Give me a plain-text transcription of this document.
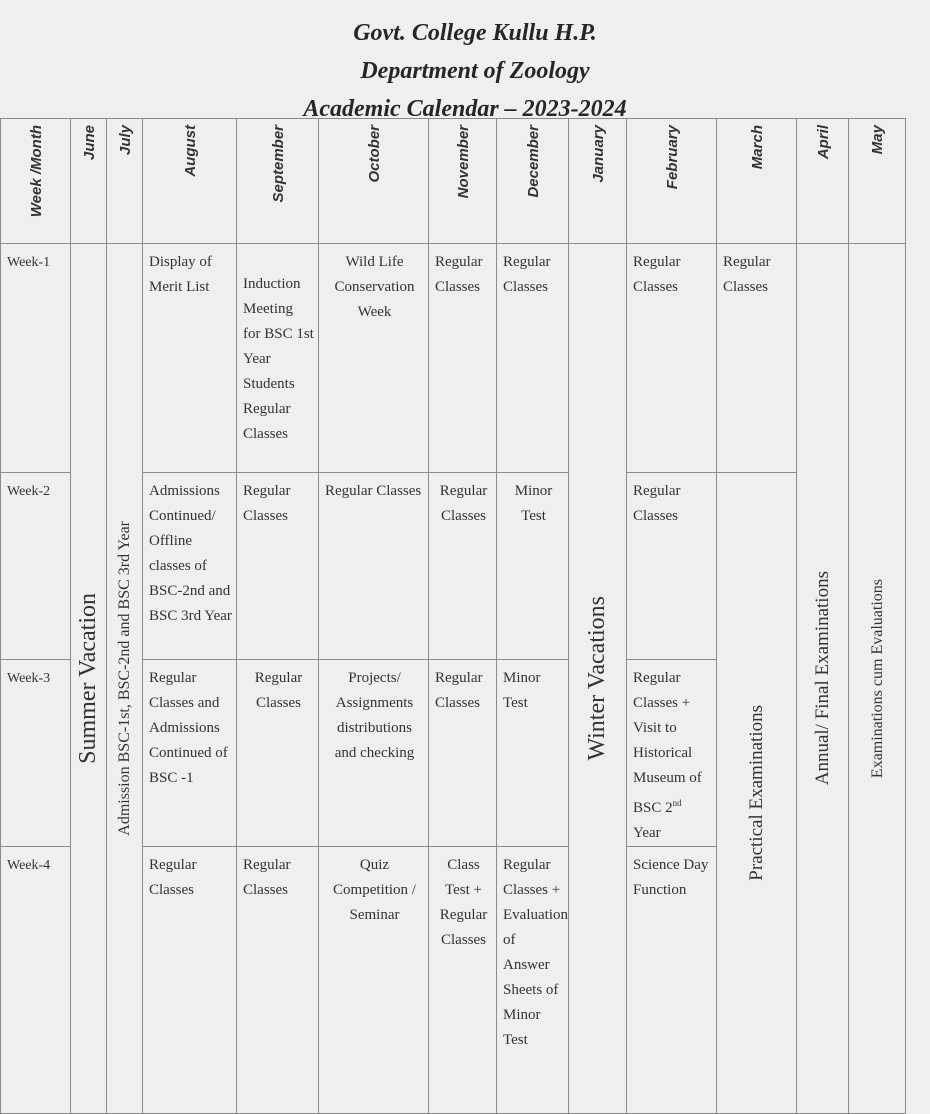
Govt. College Kullu H.P.
Department of Zoology
Academic Calendar – 2023-2024
Week /Month	June	July	August	September	October	November	December	January	February	March	April	May

Week-1	Summer Vacation	Admission BSC-1st, BSC-2nd and BSC 3rd Year	Display of Merit List	Induction Meeting for BSC 1st Year Students Regular Classes	Wild Life Conservation Week	Regular Classes	Regular Classes	Winter Vacations	Regular Classes	Regular Classes	Annual/ Final Examinations	Examinations cum Evaluations

Week-2			Admissions Continued/ Offline classes of BSC-2nd and BSC 3rd Year	Regular Classes	Regular Classes	Regular Classes	Minor Test		Regular Classes	Practical Examinations		

Week-3			Regular Classes and Admissions Continued of BSC -1	Regular Classes	Projects/ Assignments distributions and checking	Regular Classes	Minor Test		Regular Classes + Visit to Historical Museum of BSC 2nd Year			
Week-4			Regular Classes	Regular Classes	Quiz Competition / Seminar	Class Test + Regular Classes	Regular Classes + Evaluation of Answer Sheets of Minor Test		Science Day Function			
